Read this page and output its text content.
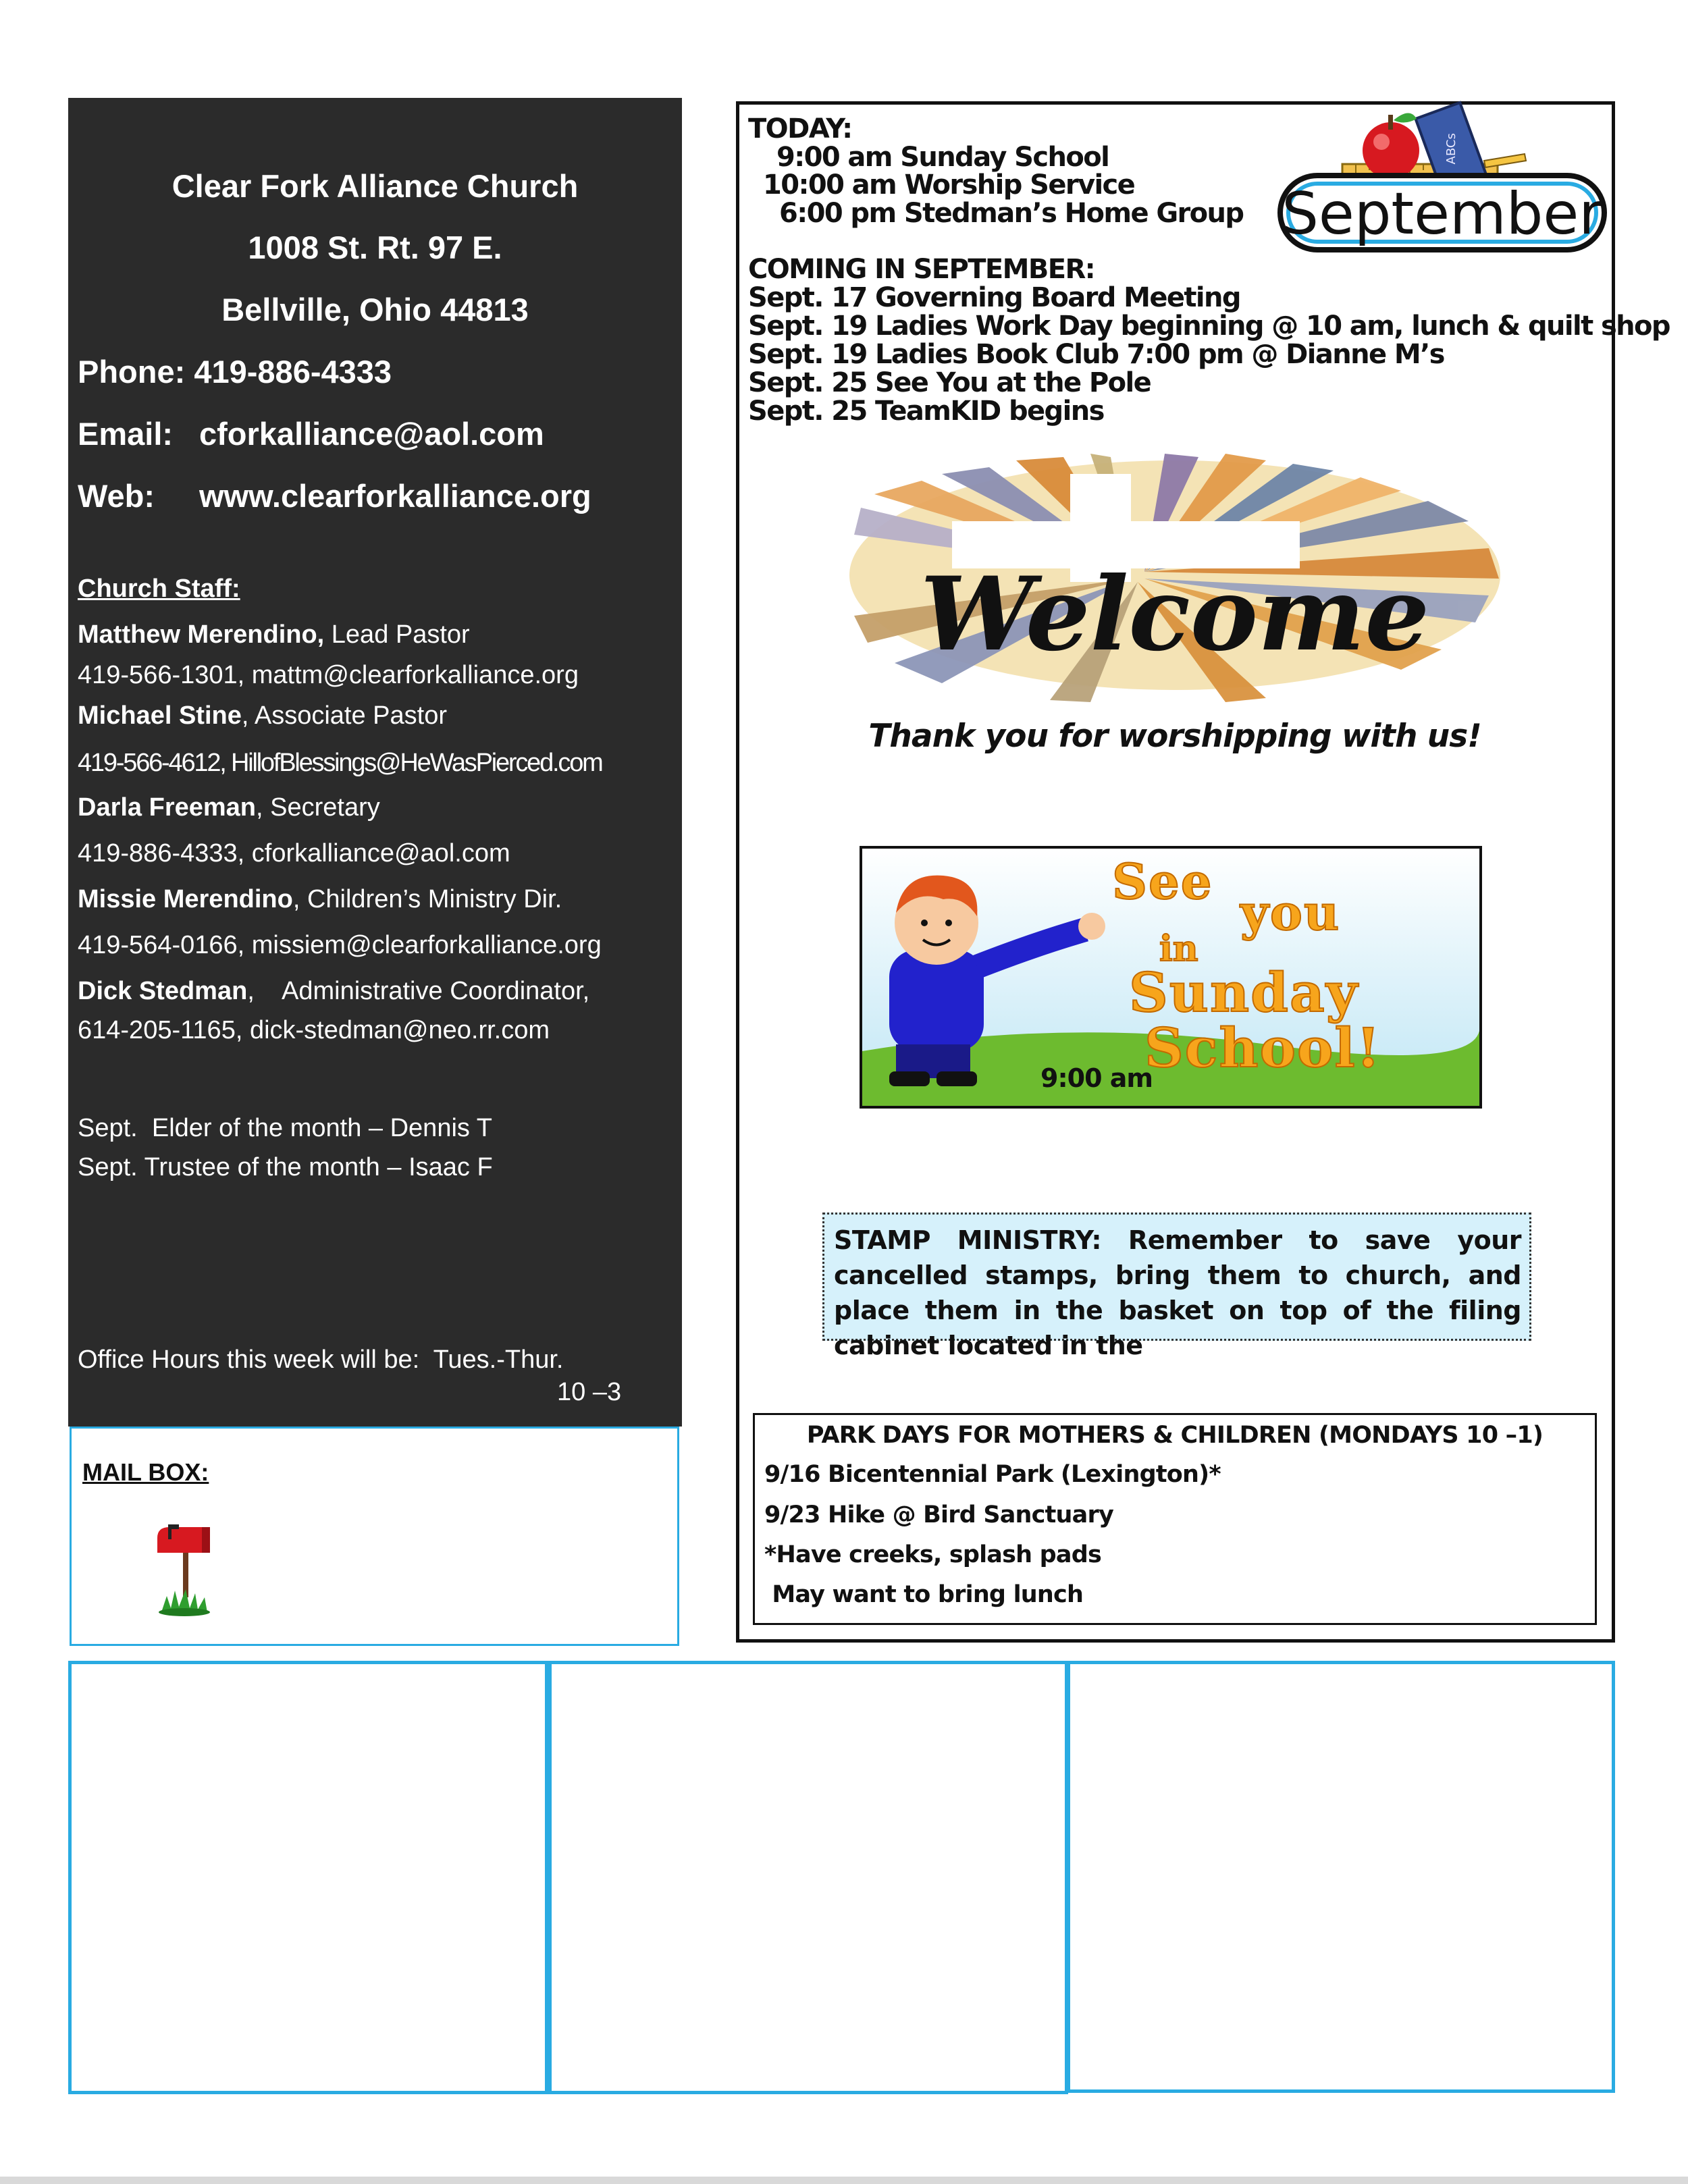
Clear Fork Alliance Church
1008 St. Rt. 97 E.
Bellville, Ohio 44813
Phone: 419-886-4333
Email: cforkalliance@aol.com
Web: www.clearforkalliance.org
Church Staff:
Matthew Merendino, Lead Pastor
419-566-1301, mattm@clearforkalliance.org
Michael Stine, Associate Pastor
419-566-4612, HillofBlessings@HeWasPierced.com
Darla Freeman, Secretary
419-886-4333, cforkalliance@aol.com
Missie Merendino, Children’s Ministry Dir.
419-564-0166, missiem@clearforkalliance.org
Dick Stedman,    Administrative Coordinator,
614-205-1165, dick-stedman@neo.rr.com
Sept.  Elder of the month – Dennis T
Sept. Trustee of the month – Isaac F
Office Hours this week will be:  Tues.-Thur.
10 –3
MAIL BOX:
TODAY:
9:00 am Sunday School
10:00 am Worship Service
6:00 pm Stedman’s Home Group
COMING IN SEPTEMBER:
Sept. 17 Governing Board Meeting
Sept. 19 Ladies Work Day beginning @ 10 am, lunch & quilt shop
Sept. 19 Ladies Book Club 7:00 pm @ Dianne M’s
Sept. 25 See You at the Pole
Sept. 25 TeamKID begins
ABCs
September
Welcome
Thank you for worshipping with us!
See
you
in
Sunday
School!
9:00 am
STAMP MINISTRY: Remember to save your cancelled stamps, bring them to church, and place them in the basket on top of the filing cabinet located in the
PARK DAYS FOR MOTHERS & CHILDREN (MONDAYS 10 –1)
9/16 Bicentennial Park (Lexington)*
9/23 Hike @ Bird Sanctuary
*Have creeks, splash pads
May want to bring lunch
